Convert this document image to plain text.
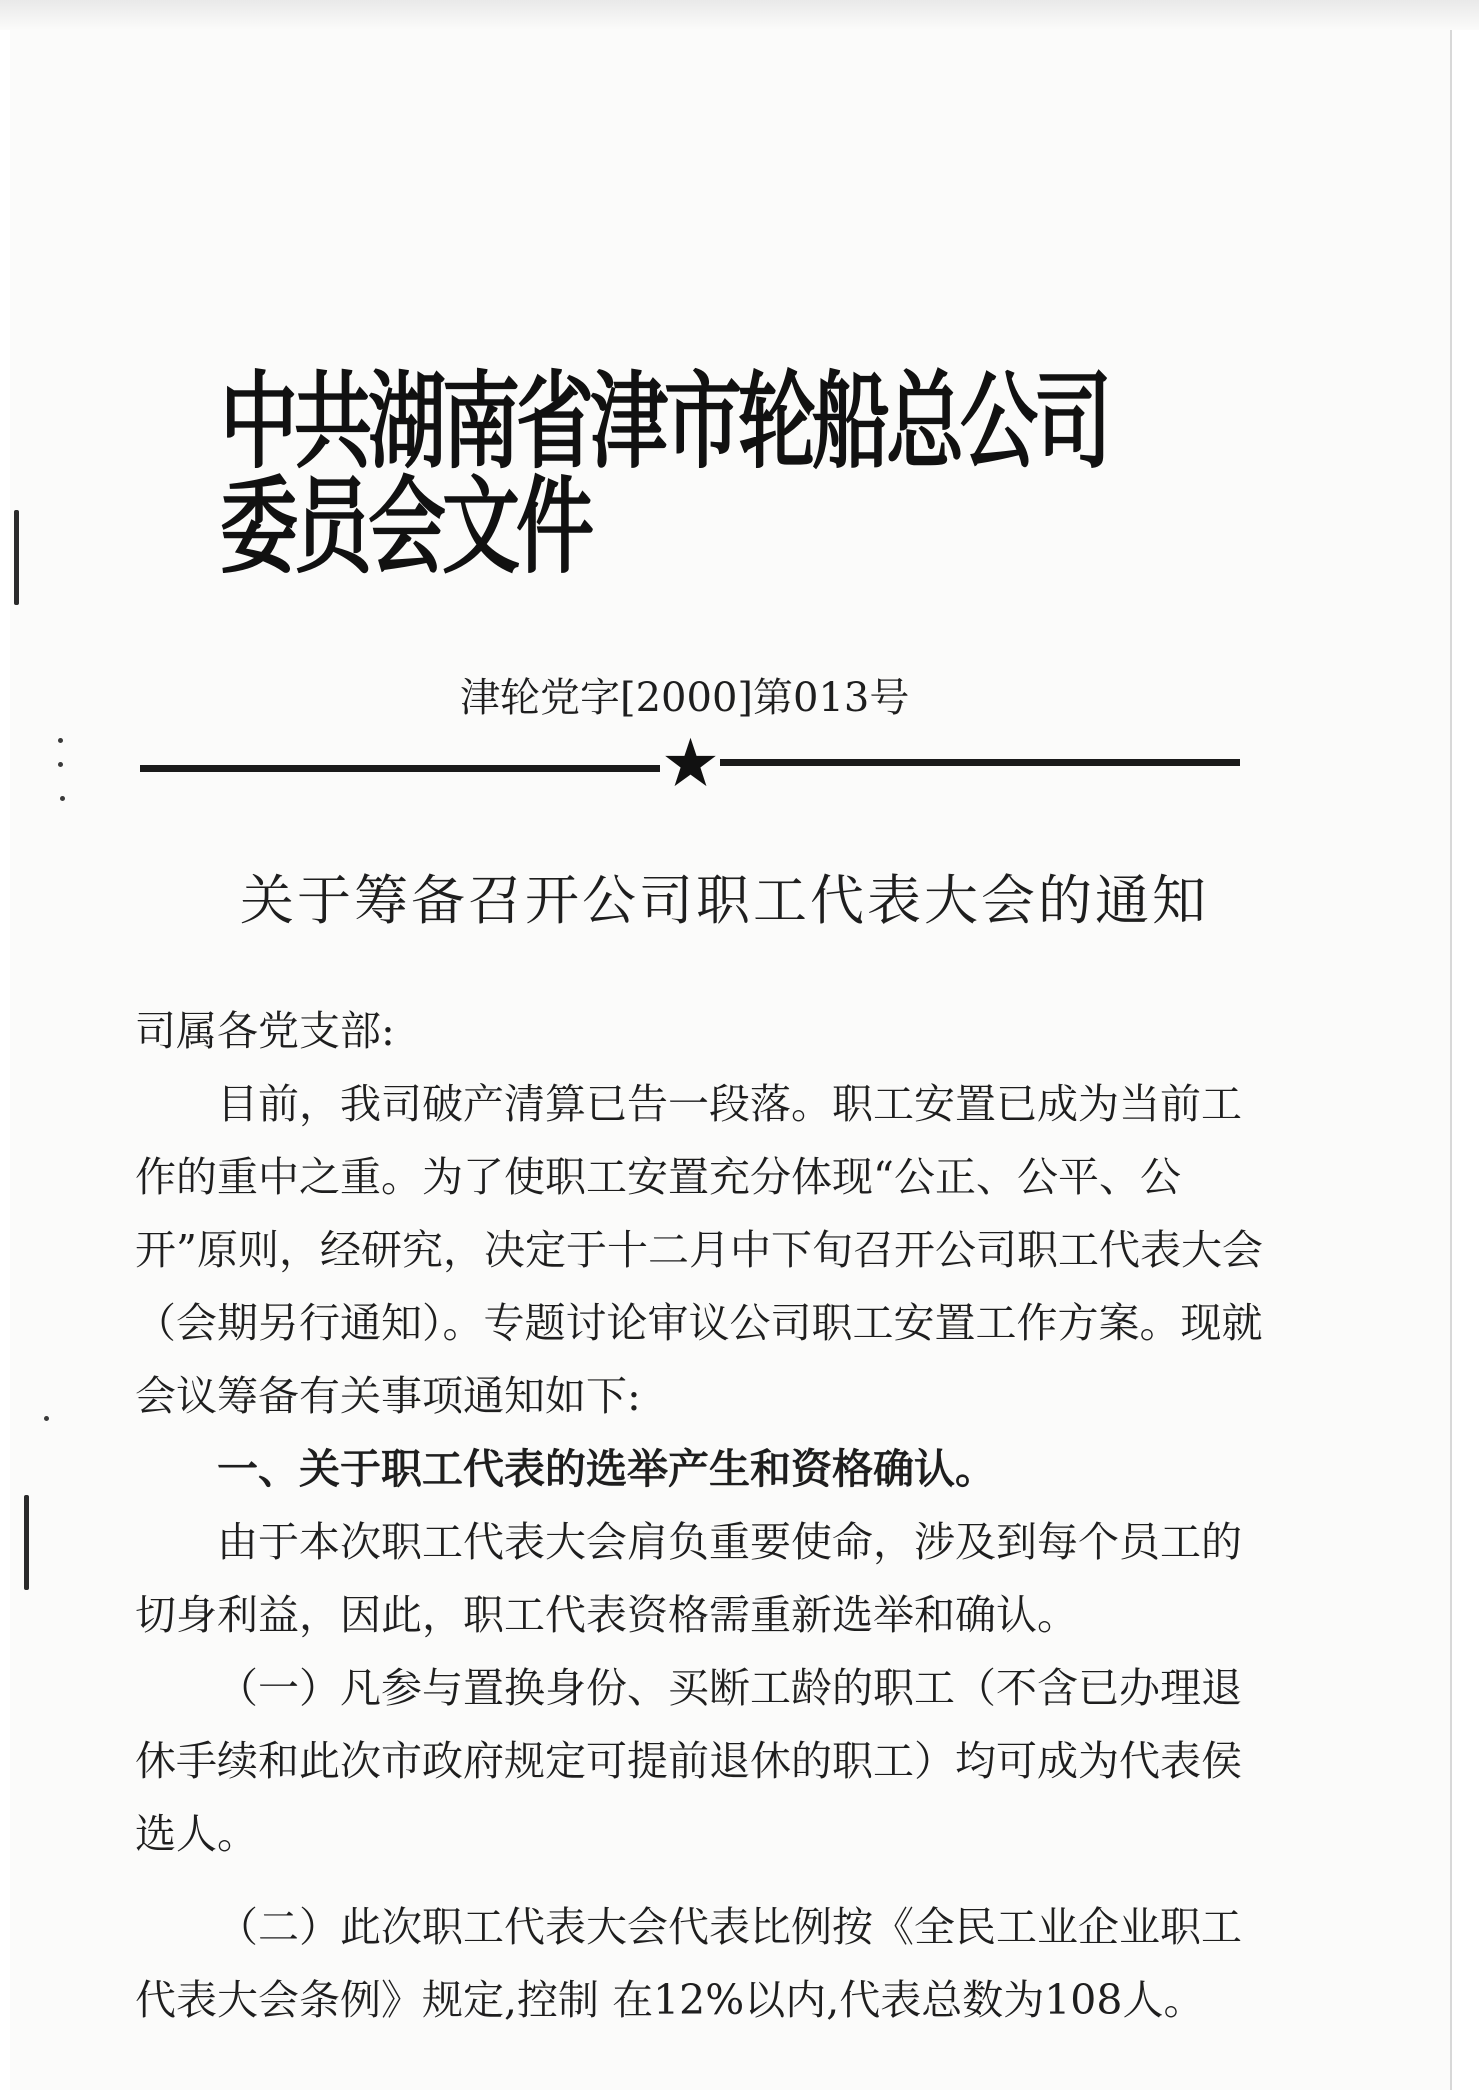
中共湖南省津市轮船总公司委员会文件
津轮党字[2000]第013号
关于筹备召开公司职工代表大会的通知

司属各党支部:

目前，我司破产清算已告一段落。职工安置已成为当前工作的重中之重。为了使职工安置充分体现“公正、公平、公开”原则，经研究，决定于十二月中下旬召开公司职工代表大会（会期另行通知）。专题讨论审议公司职工安置工作方案。现就会议筹备有关事项通知如下:

一、关于职工代表的选举产生和资格确认。

由于本次职工代表大会肩负重要使命，涉及到每个员工的切身利益，因此，职工代表资格需重新选举和确认。

（一）凡参与置换身份、买断工龄的职工（不含已办理退休手续和此次市政府规定可提前退休的职工）均可成为代表侯选人。

（二）此次职工代表大会代表比例按《全民工业企业职工代表大会条例》规定,控制 在12%以内,代表总数为108人。
